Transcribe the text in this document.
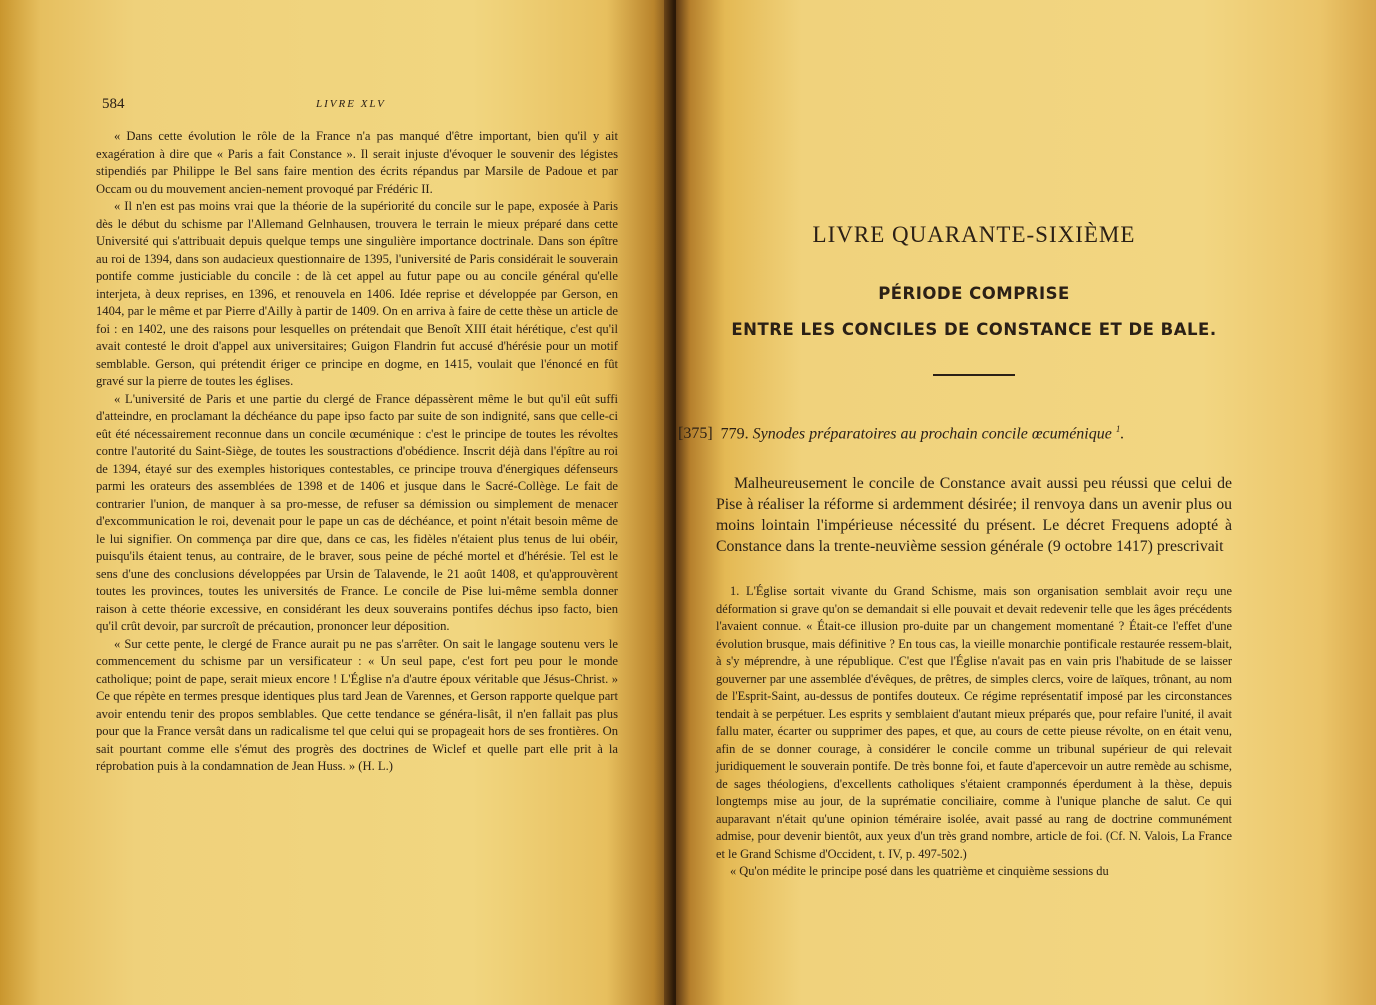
584	LIVRE XLV

« Dans cette évolution le rôle de la France n'a pas manqué d'être important, bien qu'il y ait exagération à dire que « Paris a fait Constance ». Il serait injuste d'évoquer le souvenir des légistes stipendiés par Philippe le Bel sans faire mention des écrits répandus par Marsile de Padoue et par Occam ou du mouvement ancien-nement provoqué par Frédéric II.

« Il n'en est pas moins vrai que la théorie de la supériorité du concile sur le pape, exposée à Paris dès le début du schisme par l'Allemand Gelnhausen, trouvera le terrain le mieux préparé dans cette Université qui s'attribuait depuis quelque temps une singulière importance doctrinale. Dans son épître au roi de 1394, dans son audacieux questionnaire de 1395, l'université de Paris considérait le souverain pontife comme justiciable du concile : de là cet appel au futur pape ou au concile général qu'elle interjeta, à deux reprises, en 1396, et renouvela en 1406. Idée reprise et développée par Gerson, en 1404, par le même et par Pierre d'Ailly à partir de 1409. On en arriva à faire de cette thèse un article de foi : en 1402, une des raisons pour lesquelles on prétendait que Benoît XIII était hérétique, c'est qu'il avait contesté le droit d'appel aux universitaires; Guigon Flandrin fut accusé d'hérésie pour un motif semblable. Gerson, qui prétendit ériger ce principe en dogme, en 1415, voulait que l'énoncé en fût gravé sur la pierre de toutes les églises.

« L'université de Paris et une partie du clergé de France dépassèrent même le but qu'il eût suffi d'atteindre, en proclamant la déchéance du pape ipso facto par suite de son indignité, sans que celle-ci eût été nécessairement reconnue dans un concile œcuménique : c'est le principe de toutes les révoltes contre l'autorité du Saint-Siège, de toutes les soustractions d'obédience. Inscrit déjà dans l'épître au roi de 1394, étayé sur des exemples historiques contestables, ce principe trouva d'énergiques défenseurs parmi les orateurs des assemblées de 1398 et de 1406 et jusque dans le Sacré-Collège. Le fait de contrarier l'union, de manquer à sa pro-messe, de refuser sa démission ou simplement de menacer d'excommunication le roi, devenait pour le pape un cas de déchéance, et point n'était besoin même de le lui signifier. On commença par dire que, dans ce cas, les fidèles n'étaient plus tenus de lui obéir, puisqu'ils étaient tenus, au contraire, de le braver, sous peine de péché mortel et d'hérésie. Tel est le sens d'une des conclusions développées par Ursin de Talavende, le 21 août 1408, et qu'approuvèrent toutes les provinces, toutes les universités de France. Le concile de Pise lui-même sembla donner raison à cette théorie excessive, en considérant les deux souverains pontifes déchus ipso facto, bien qu'il crût devoir, par surcroît de précaution, prononcer leur déposition.

« Sur cette pente, le clergé de France aurait pu ne pas s'arrêter. On sait le langage soutenu vers le commencement du schisme par un versificateur : « Un seul pape, c'est fort peu pour le monde catholique; point de pape, serait mieux encore ! L'Église n'a d'autre époux véritable que Jésus-Christ. » Ce que répète en termes presque identiques plus tard Jean de Varennes, et Gerson rapporte quelque part avoir entendu tenir des propos semblables. Que cette tendance se généra-lisât, il n'en fallait pas plus pour que la France versât dans un radicalisme tel que celui qui se propageait hors de ses frontières. On sait pourtant comme elle s'émut des progrès des doctrines de Wiclef et quelle part elle prit à la réprobation puis à la condamnation de Jean Huss. » (H. L.)

LIVRE QUARANTE-SIXIÈME

PÉRIODE COMPRISE

ENTRE LES CONCILES DE CONSTANCE ET DE BALE.

[375] 779. Synodes préparatoires au prochain concile œcuménique $^1$.

Malheureusement le concile de Constance avait aussi peu réussi que celui de Pise à réaliser la réforme si ardemment désirée; il renvoya dans un avenir plus ou moins lointain l'impérieuse nécessité du présent. Le décret Frequens adopté à Constance dans la trente-neuvième session générale (9 octobre 1417) prescrivait

1. L'Église sortait vivante du Grand Schisme, mais son organisation semblait avoir reçu une déformation si grave qu'on se demandait si elle pouvait et devait redevenir telle que les âges précédents l'avaient connue. « Était-ce illusion pro-duite par un changement momentané ? Était-ce l'effet d'une évolution brusque, mais définitive ? En tous cas, la vieille monarchie pontificale restaurée ressem-blait, à s'y méprendre, à une république. C'est que l'Église n'avait pas en vain pris l'habitude de se laisser gouverner par une assemblée d'évêques, de prêtres, de simples clercs, voire de laïques, trônant, au nom de l'Esprit-Saint, au-dessus de pontifes douteux. Ce régime représentatif imposé par les circonstances tendait à se perpétuer. Les esprits y semblaient d'autant mieux préparés que, pour refaire l'unité, il avait fallu mater, écarter ou supprimer des papes, et que, au cours de cette pieuse révolte, on en était venu, afin de se donner courage, à considérer le concile comme un tribunal supérieur de qui relevait juridiquement le souverain pontife. De très bonne foi, et faute d'apercevoir un autre remède au schisme, de sages théologiens, d'excellents catholiques s'étaient cramponnés éperdument à la thèse, depuis longtemps mise au jour, de la suprématie conciliaire, comme à l'unique planche de salut. Ce qui auparavant n'était qu'une opinion téméraire isolée, avait passé au rang de doctrine communément admise, pour devenir bientôt, aux yeux d'un très grand nombre, article de foi. (Cf. N. Valois, La France et le Grand Schisme d'Occident, t. IV, p. 497-502.)

« Qu'on médite le principe posé dans les quatrième et cinquième sessions du
